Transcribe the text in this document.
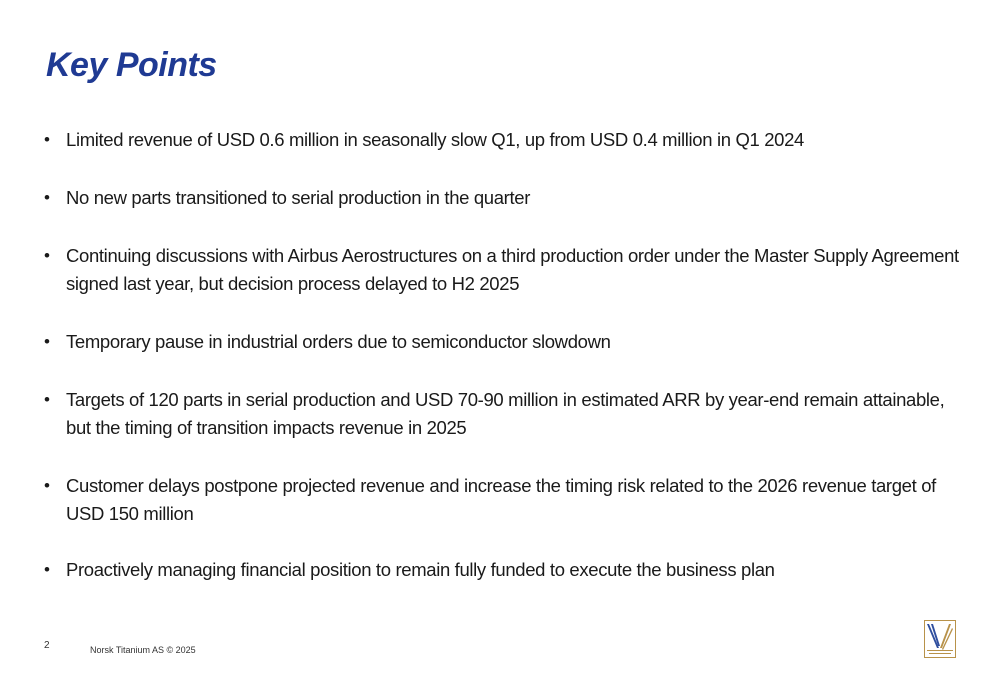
Key Points
• Limited revenue of USD 0.6 million in seasonally slow Q1, up from USD 0.4 million in Q1 2024
• No new parts transitioned to serial production in the quarter
• Continuing discussions with Airbus Aerostructures on a third production order under the Master Supply Agreement signed last year, but decision process delayed to H2 2025
• Temporary pause in industrial orders due to semiconductor slowdown
• Targets of 120 parts in serial production and USD 70-90 million in estimated ARR by year-end remain attainable, but the timing of transition impacts revenue in 2025
• Customer delays postpone projected revenue and increase the timing risk related to the 2026 revenue target of USD 150 million
• Proactively managing financial position to remain fully funded to execute the business plan
2	Norsk Titanium AS © 2025
